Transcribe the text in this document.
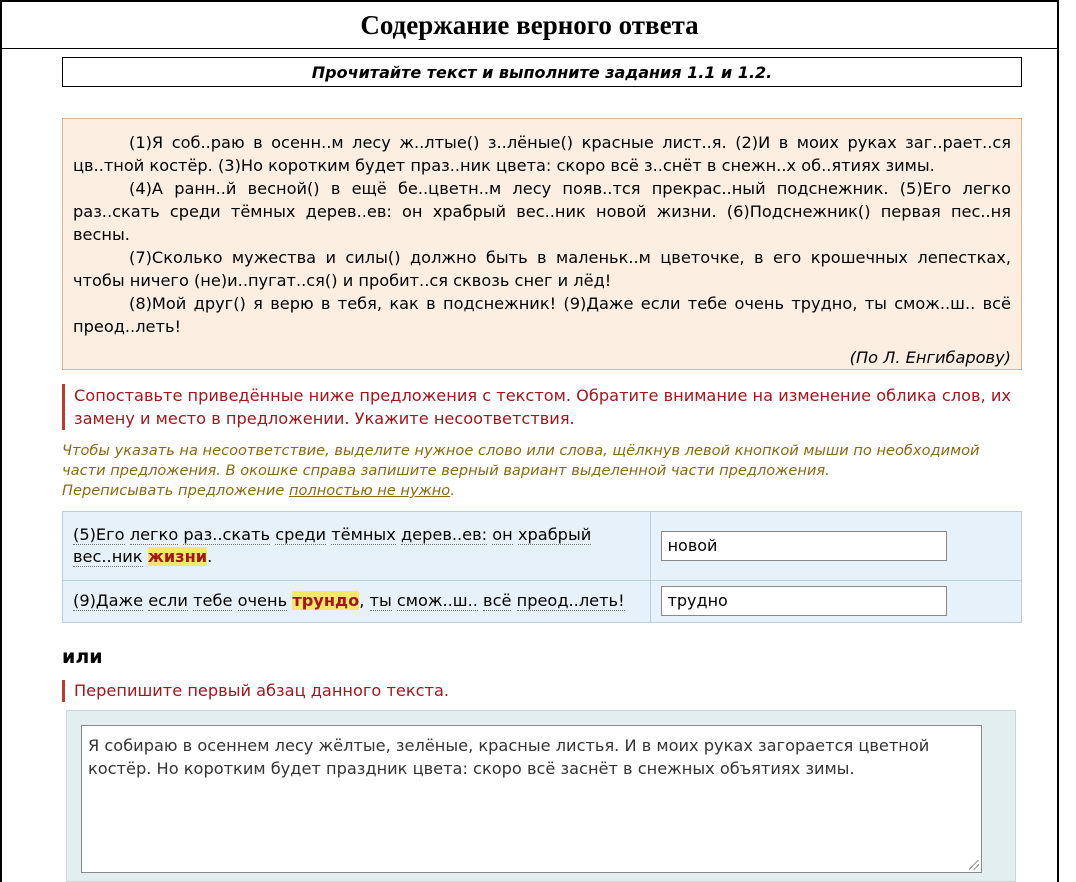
Содержание верного ответа
Прочитайте текст и выполните задания 1.1 и 1.2.

(1)Я соб..раю в осенн..м лесу ж..лтые() з..лёные() красные лист..я. (2)И в моих руках заг..рает..ся цв..тной костёр. (3)Но коротким будет праз..ник цвета: скоро всё з..снёт в снежн..х об..ятиях зимы.

(4)А ранн..й весной() в ещё бе..цветн..м лесу появ..тся прекрас..ный подснежник. (5)Его легко раз..скать среди тёмных дерев..ев: он храбрый вес..ник новой жизни. (6)Подснежник() первая пес..ня весны.

(7)Сколько мужества и силы() должно быть в маленьк..м цветочке, в его крошечных лепестках, чтобы ничего (не)и..пугат..ся() и пробит..ся сквозь снег и лёд!

(8)Мой друг() я верю в тебя, как в подснежник! (9)Даже если тебе очень трудно, ты смож..ш.. всё преод..леть!

(По Л. Енгибарову)

Сопоставьте приведённые ниже предложения с текстом. Обратите внимание на изменение облика слов, их замену и место в предложении. Укажите несоответствия.
Чтобы указать на несоответствие, выделите нужное слово или слова, щёлкнув левой кнопкой мыши по необходимой части предложения. В окошке справа запишите верный вариант выделенной части предложения.
Переписывать предложение полностью не нужно.
(5)Его легко раз..скать среди тёмных дерев..ев: он храбрый вес..ник жизни.	новой

(9)Даже если тебе очень трундо, ты смож..ш.. всё преод..леть!	трудно
или
Перепишите первый абзац данного текста.
Я собираю в осеннем лесу жёлтые, зелёные, красные листья. И в моих руках загорается цветной костёр. Но коротким будет праздник цвета: скоро всё заснёт в снежных объятиях зимы.
